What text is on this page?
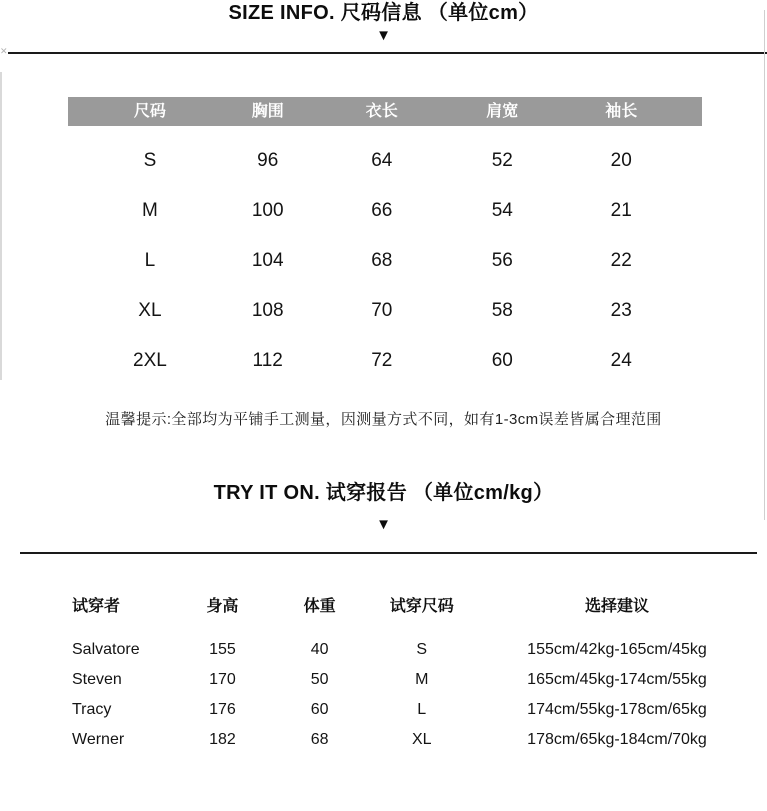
SIZE INFO. 尺码信息 （单位cm）
▼
✕
尺码	胸围	衣长	肩宽	袖长
S	96	64	52	20
M	100	66	54	21
L	104	68	56	22
XL	108	70	58	23
2XL	112	72	60	24
温馨提示:全部均为平铺手工测量，因测量方式不同，如有1-3cm误差皆属合理范围
TRY IT ON. 试穿报告 （单位cm/kg）
▼
试穿者	身高	体重	试穿尺码	选择建议
Salvatore	155	40	S	155cm/42kg-165cm/45kg
Steven	170	50	M	165cm/45kg-174cm/55kg
Tracy	176	60	L	174cm/55kg-178cm/65kg
Werner	182	68	XL	178cm/65kg-184cm/70kg
